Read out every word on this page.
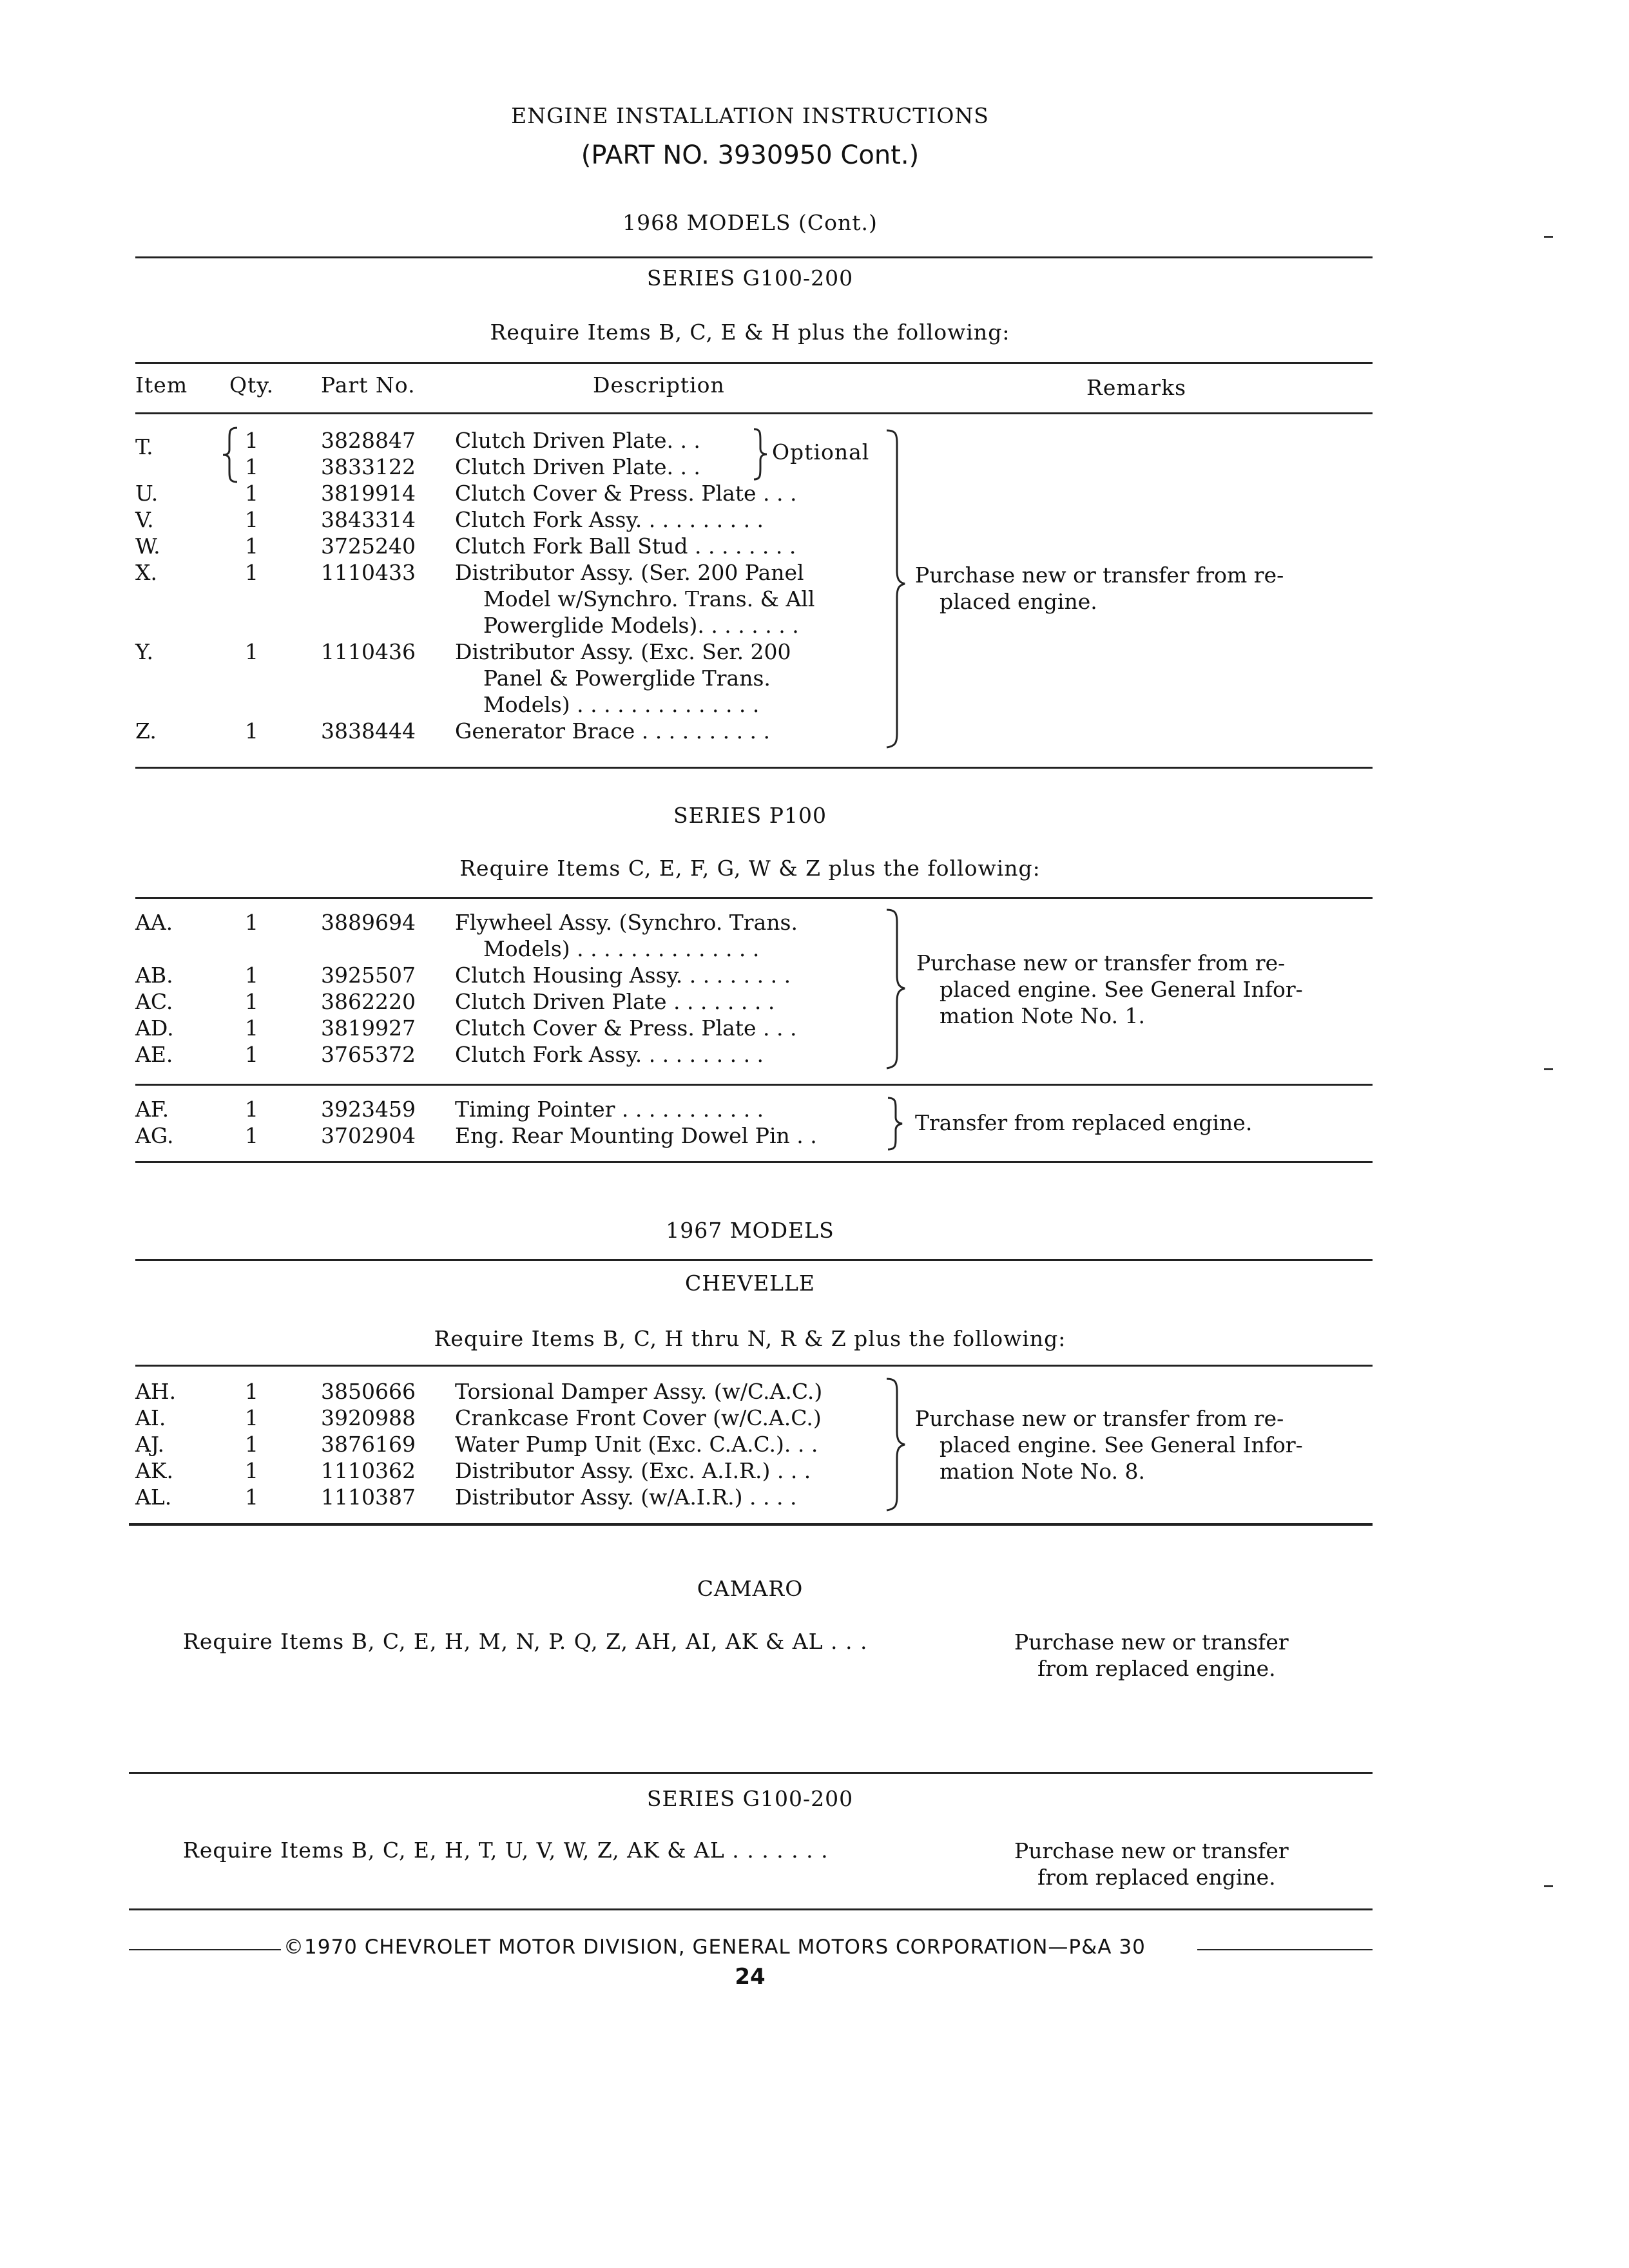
ENGINE INSTALLATION INSTRUCTIONS
(PART NO. 3930950 Cont.)
1968 MODELS (Cont.)
SERIES G100-200
Require Items B, C, E & H plus the following:
Item Qty. Part No.	Description	Remarks
T.	1	3828847 Clutch Driven Plate. . .
1	3833122 Clutch Driven Plate. . .
U.	1	3819914 Clutch Cover & Press. Plate . . .
V.	1	3843314 Clutch Fork Assy. . . . . . . . . .
W.	1	3725240 Clutch Fork Ball Stud . . . . . . . .
X.	1	1110433 Distributor Assy. (Ser. 200 Panel
Model w/Synchro. Trans. & All
Powerglide Models). . . . . . . .
Y.	1	1110436 Distributor Assy. (Exc. Ser. 200
Panel & Powerglide Trans.
Models) . . . . . . . . . . . . . .
Z.	1	3838444 Generator Brace . . . . . . . . . .
Optional
Purchase new or transfer from re-
placed engine.
SERIES P100
Require Items C, E, F, G, W & Z plus the following:
AA.	1	3889694 Flywheel Assy. (Synchro. Trans.
Models) . . . . . . . . . . . . . .
AB.	1	3925507 Clutch Housing Assy. . . . . . . . .
AC.	1	3862220 Clutch Driven Plate . . . . . . . .
AD.	1	3819927 Clutch Cover & Press. Plate . . .
AE.	1	3765372 Clutch Fork Assy. . . . . . . . . .
Purchase new or transfer from re-
placed engine. See General Infor-
mation Note No. 1.
AF.	1	3923459 Timing Pointer . . . . . . . . . . .
AG.	1	3702904 Eng. Rear Mounting Dowel Pin . .
Transfer from replaced engine.
1967 MODELS
CHEVELLE
Require Items B, C, H thru N, R & Z plus the following:
AH.	1	3850666 Torsional Damper Assy. (w/C.A.C.)
AI.	1	3920988 Crankcase Front Cover (w/C.A.C.)
AJ.	1	3876169 Water Pump Unit (Exc. C.A.C.). . .
AK.	1	1110362 Distributor Assy. (Exc. A.I.R.) . . .
AL.	1	1110387 Distributor Assy. (w/A.I.R.) . . . .
Purchase new or transfer from re-
placed engine. See General Infor-
mation Note No. 8.
CAMARO
Require Items B, C, E, H, M, N, P. Q, Z, AH, AI, AK & AL . . .	Purchase new or transfer
from replaced engine.
SERIES G100-200
Require Items B, C, E, H, T, U, V, W, Z, AK & AL . . . . . . .	Purchase new or transfer
from replaced engine.
©1970 CHEVROLET MOTOR DIVISION, GENERAL MOTORS CORPORATION—P&A 30
24
